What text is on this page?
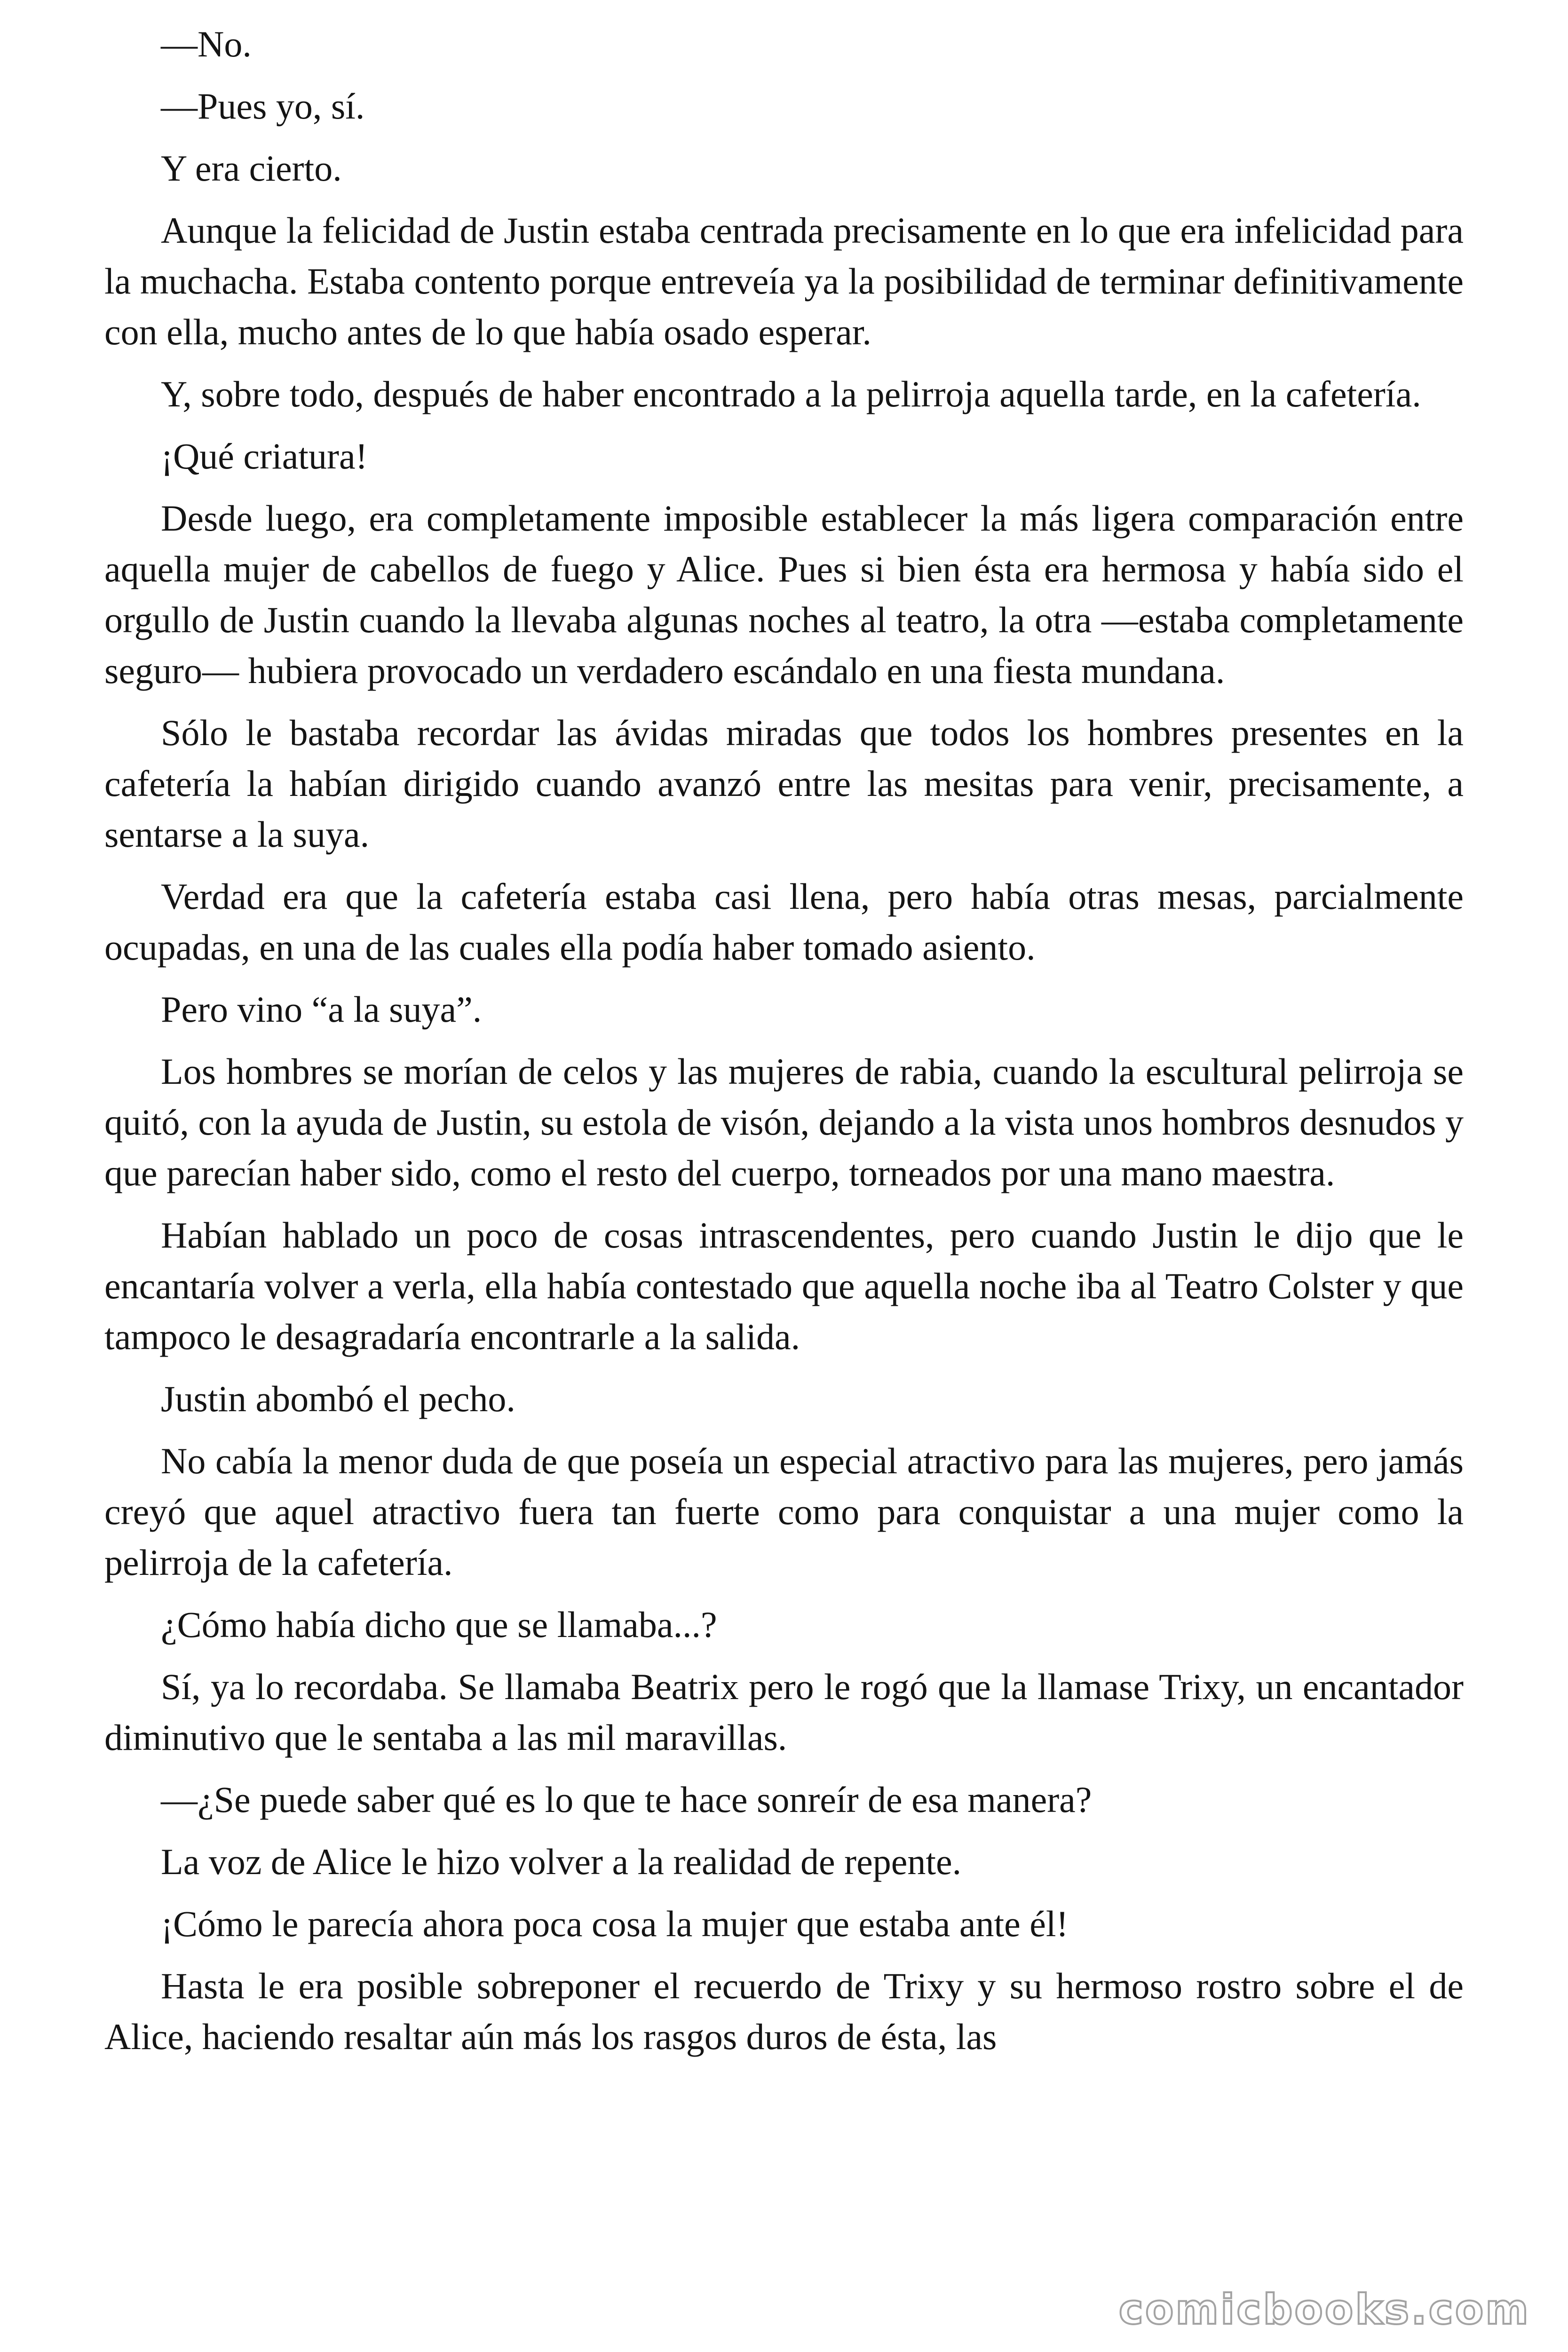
—No.

—Pues yo, sí.

Y era cierto.

Aunque la felicidad de Justin estaba centrada precisamente en lo que era infelicidad para la muchacha. Estaba contento porque entreveía ya la posibilidad de terminar definitivamente con ella, mucho antes de lo que había osado esperar.

Y, sobre todo, después de haber encontrado a la pelirroja aquella tarde, en la cafetería.

¡Qué criatura!

Desde luego, era completamente imposible establecer la más ligera comparación entre aquella mujer de cabellos de fuego y Alice. Pues si bien ésta era hermosa y había sido el orgullo de Justin cuando la llevaba algunas noches al teatro, la otra —estaba completamente seguro— hubiera provocado un verdadero escándalo en una fiesta mundana.

Sólo le bastaba recordar las ávidas miradas que todos los hombres presentes en la cafetería la habían dirigido cuando avanzó entre las mesitas para venir, precisamente, a sentarse a la suya.

Verdad era que la cafetería estaba casi llena, pero había otras mesas, parcialmente ocupadas, en una de las cuales ella podía haber tomado asiento.

Pero vino “a la suya”.

Los hombres se morían de celos y las mujeres de rabia, cuando la escultural pelirroja se quitó, con la ayuda de Justin, su estola de visón, dejando a la vista unos hombros desnudos y que parecían haber sido, como el resto del cuerpo, torneados por una mano maestra.

Habían hablado un poco de cosas intrascendentes, pero cuando Justin le dijo que le encantaría volver a verla, ella había contestado que aquella noche iba al Teatro Colster y que tampoco le desagradaría encontrarle a la salida.

Justin abombó el pecho.

No cabía la menor duda de que poseía un especial atractivo para las mujeres, pero jamás creyó que aquel atractivo fuera tan fuerte como para conquistar a una mujer como la pelirroja de la cafetería.

¿Cómo había dicho que se llamaba...?

Sí, ya lo recordaba. Se llamaba Beatrix pero le rogó que la llamase Trixy, un encantador diminutivo que le sentaba a las mil maravillas.

—¿Se puede saber qué es lo que te hace sonreír de esa manera?

La voz de Alice le hizo volver a la realidad de repente.

¡Cómo le parecía ahora poca cosa la mujer que estaba ante él!

Hasta le era posible sobreponer el recuerdo de Trixy y su hermoso rostro sobre el de Alice, haciendo resaltar aún más los rasgos duros de ésta, las

comicbooks.com
